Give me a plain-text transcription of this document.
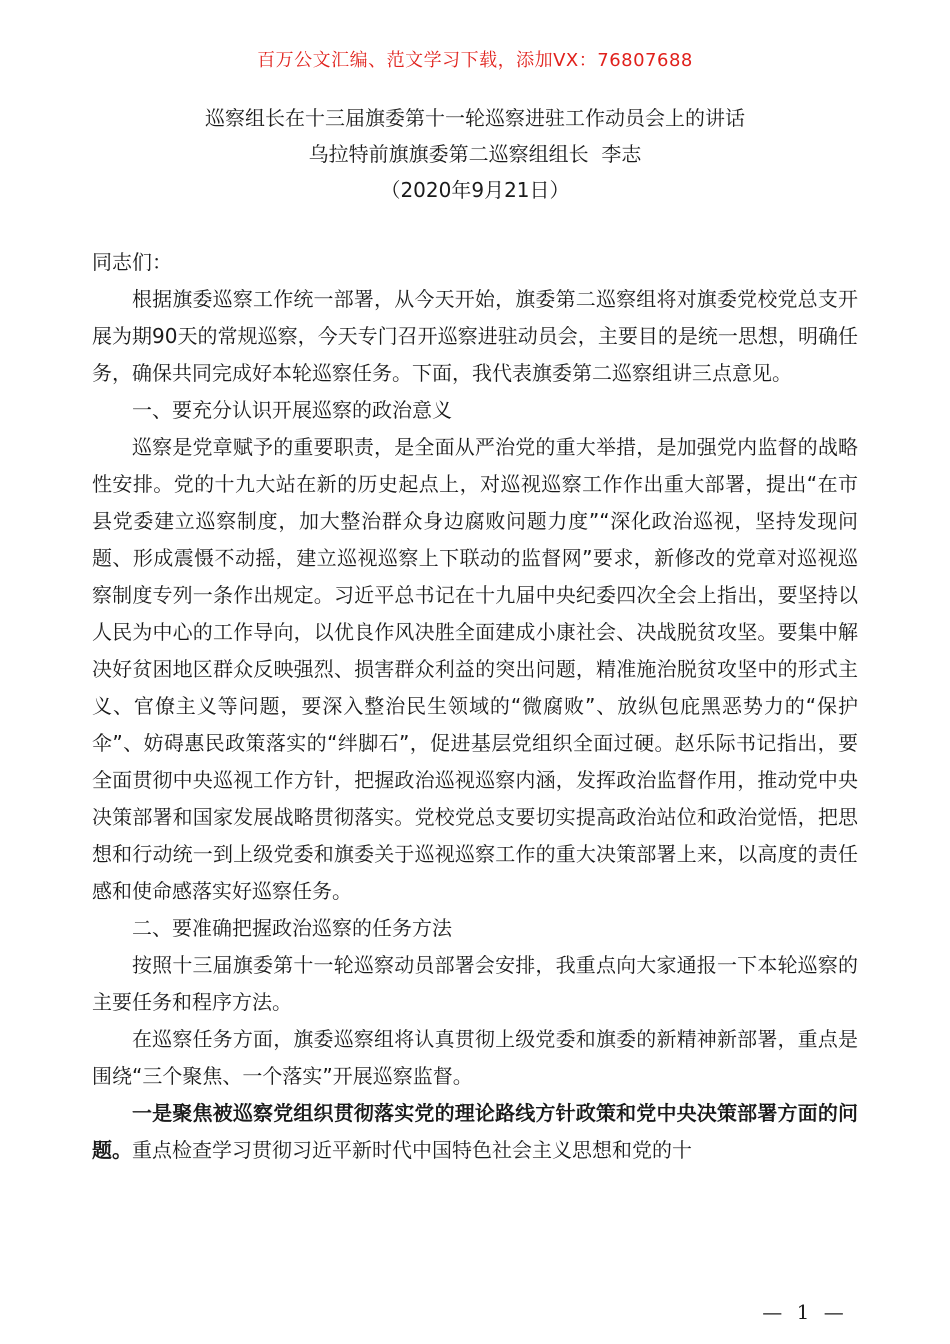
百万公文汇编、范文学习下载，添加VX：76807688
巡察组长在十三届旗委第十一轮巡察进驻工作动员会上的讲话
乌拉特前旗旗委第二巡察组组长  李志
（2020年9月21日）

同志们：

根据旗委巡察工作统一部署，从今天开始，旗委第二巡察组将对旗委党校党总支开展为期90天的常规巡察，今天专门召开巡察进驻动员会，主要目的是统一思想，明确任务，确保共同完成好本轮巡察任务。下面，我代表旗委第二巡察组讲三点意见。

一、要充分认识开展巡察的政治意义

巡察是党章赋予的重要职责，是全面从严治党的重大举措，是加强党内监督的战略性安排。党的十九大站在新的历史起点上，对巡视巡察工作作出重大部署，提出“在市县党委建立巡察制度，加大整治群众身边腐败问题力度”“深化政治巡视，坚持发现问题、形成震慑不动摇，建立巡视巡察上下联动的监督网”要求，新修改的党章对巡视巡察制度专列一条作出规定。习近平总书记在十九届中央纪委四次全会上指出，要坚持以人民为中心的工作导向，以优良作风决胜全面建成小康社会、决战脱贫攻坚。要集中解决好贫困地区群众反映强烈、损害群众利益的突出问题，精准施治脱贫攻坚中的形式主义、官僚主义等问题，要深入整治民生领域的“微腐败”、放纵包庇黑恶势力的“保护伞”、妨碍惠民政策落实的“绊脚石”，促进基层党组织全面过硬。赵乐际书记指出，要全面贯彻中央巡视工作方针，把握政治巡视巡察内涵，发挥政治监督作用，推动党中央决策部署和国家发展战略贯彻落实。党校党总支要切实提高政治站位和政治觉悟，把思想和行动统一到上级党委和旗委关于巡视巡察工作的重大决策部署上来，以高度的责任感和使命感落实好巡察任务。

二、要准确把握政治巡察的任务方法

按照十三届旗委第十一轮巡察动员部署会安排，我重点向大家通报一下本轮巡察的主要任务和程序方法。

在巡察任务方面，旗委巡察组将认真贯彻上级党委和旗委的新精神新部署，重点是围绕“三个聚焦、一个落实”开展巡察监督。

一是聚焦被巡察党组织贯彻落实党的理论路线方针政策和党中央决策部署方面的问题。重点检查学习贯彻习近平新时代中国特色社会主义思想和党的十

— 1 —
